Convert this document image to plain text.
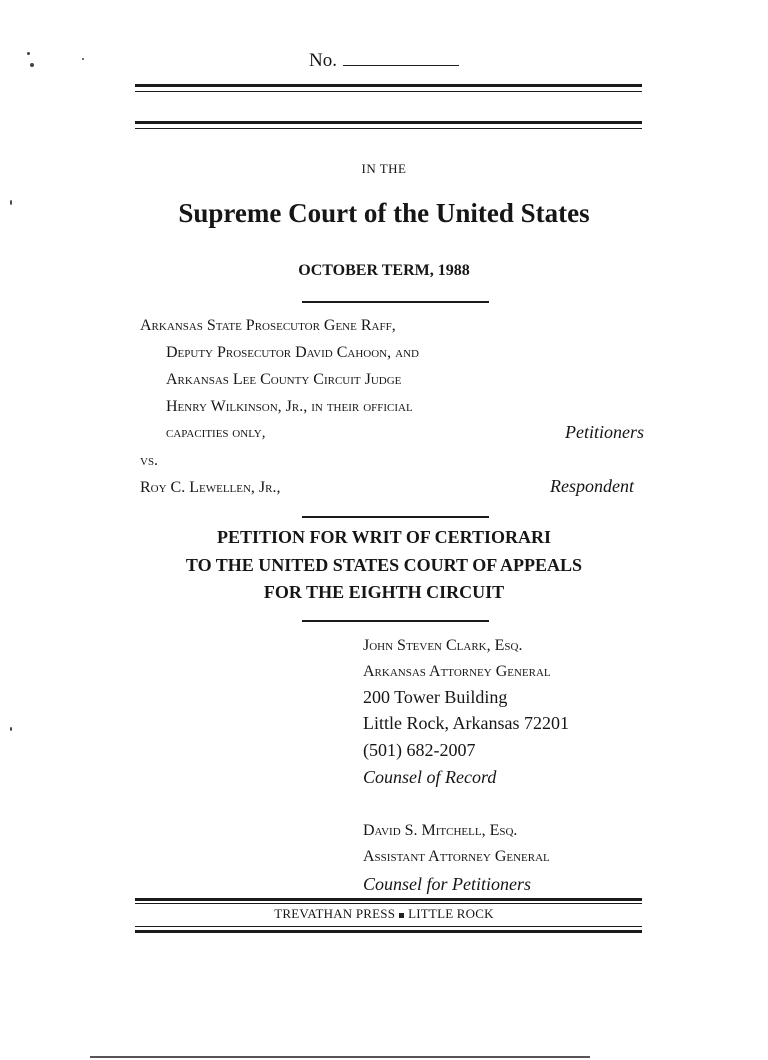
No.
IN THE
Supreme Court of the United States
OCTOBER TERM, 1988
Arkansas State Prosecutor Gene Raff,
Deputy Prosecutor David Cahoon, and
Arkansas Lee County Circuit Judge
Henry Wilkinson, Jr., in their official
capacities only,	Petitioners
vs.
Roy C. Lewellen, Jr.,	Respondent
PETITION FOR WRIT OF CERTIORARI
TO THE UNITED STATES COURT OF APPEALS
FOR THE EIGHTH CIRCUIT
John Steven Clark, Esq.
Arkansas Attorney General
200 Tower Building
Little Rock, Arkansas 72201
(501) 682-2007
Counsel of Record
David S. Mitchell, Esq.
Assistant Attorney General
Counsel for Petitioners
TREVATHAN PRESS LITTLE ROCK
